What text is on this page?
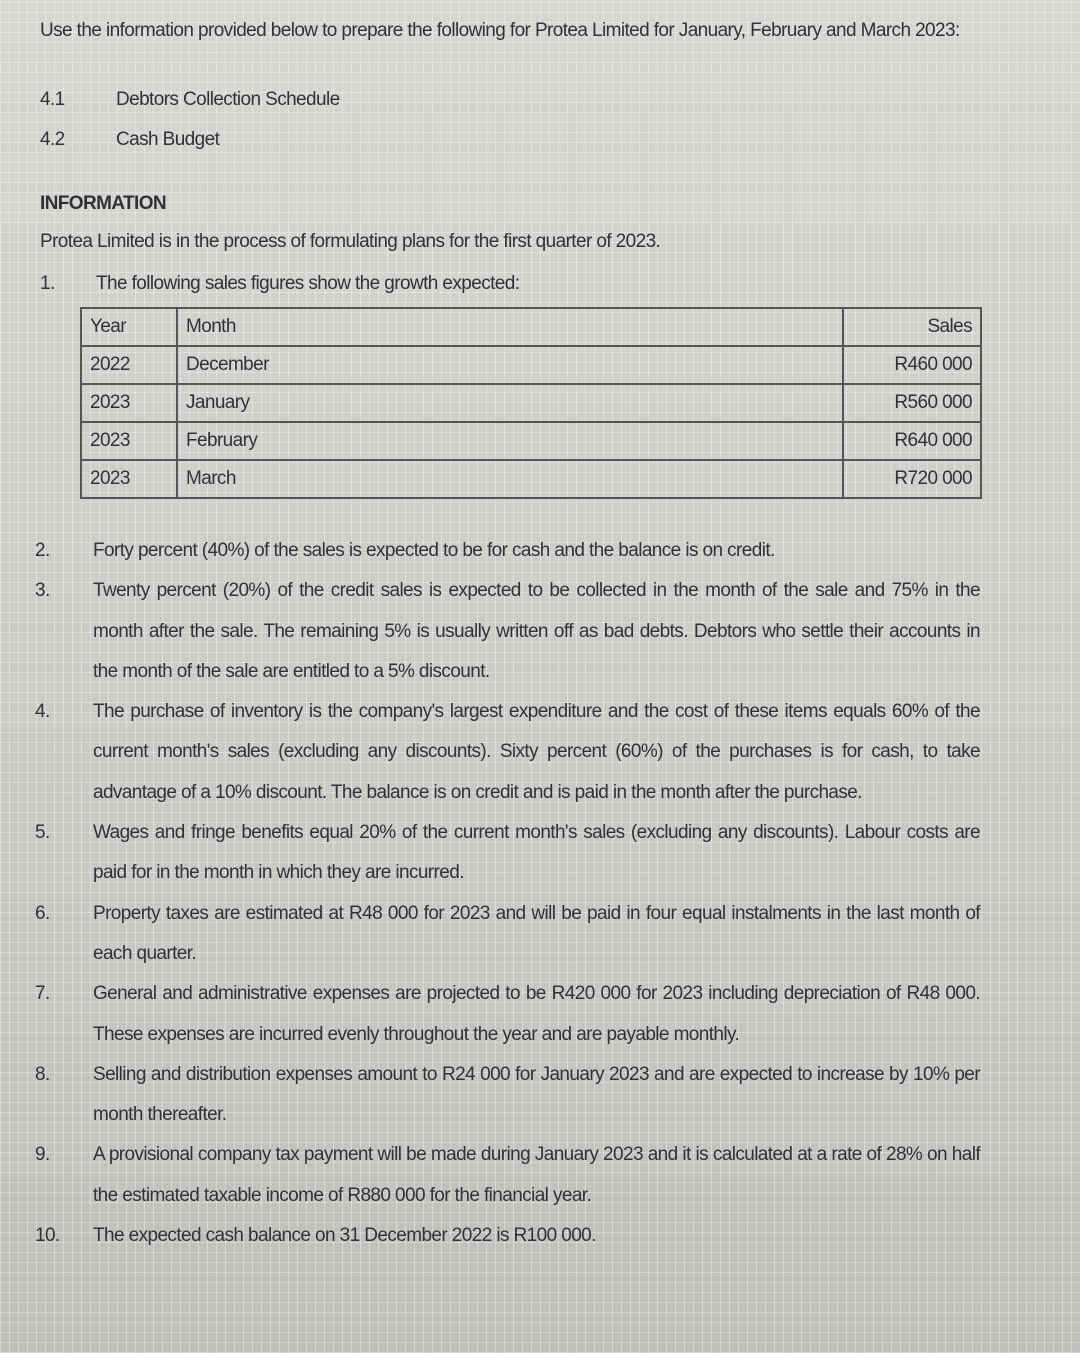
Use the information provided below to prepare the following for Protea Limited for January, February and March 2023:
4.1	Debtors Collection Schedule
4.2	Cash Budget
INFORMATION
Protea Limited is in the process of formulating plans for the first quarter of 2023.
1.	The following sales figures show the growth expected:
Year	Month	Sales
2022	December	R460 000
2023	January	R560 000
2023	February	R640 000
2023	March	R720 000
2.	Forty percent (40%) of the sales is expected to be for cash and the balance is on credit.
3.	Twenty percent (20%) of the credit sales is expected to be collected in the month of the sale and 75% in the month after the sale. The remaining 5% is usually written off as bad debts. Debtors who settle their accounts in the month of the sale are entitled to a 5% discount.
4.	The purchase of inventory is the company's largest expenditure and the cost of these items equals 60% of the current month's sales (excluding any discounts). Sixty percent (60%) of the purchases is for cash, to take advantage of a 10% discount. The balance is on credit and is paid in the month after the purchase.
5.	Wages and fringe benefits equal 20% of the current month's sales (excluding any discounts). Labour costs are paid for in the month in which they are incurred.
6.	Property taxes are estimated at R48 000 for 2023 and will be paid in four equal instalments in the last month of each quarter.
7.	General and administrative expenses are projected to be R420 000 for 2023 including depreciation of R48 000. These expenses are incurred evenly throughout the year and are payable monthly.
8.	Selling and distribution expenses amount to R24 000 for January 2023 and are expected to increase by 10% per month thereafter.
9.	A provisional company tax payment will be made during January 2023 and it is calculated at a rate of 28% on half the estimated taxable income of R880 000 for the financial year.
10.	The expected cash balance on 31 December 2022 is R100 000.
